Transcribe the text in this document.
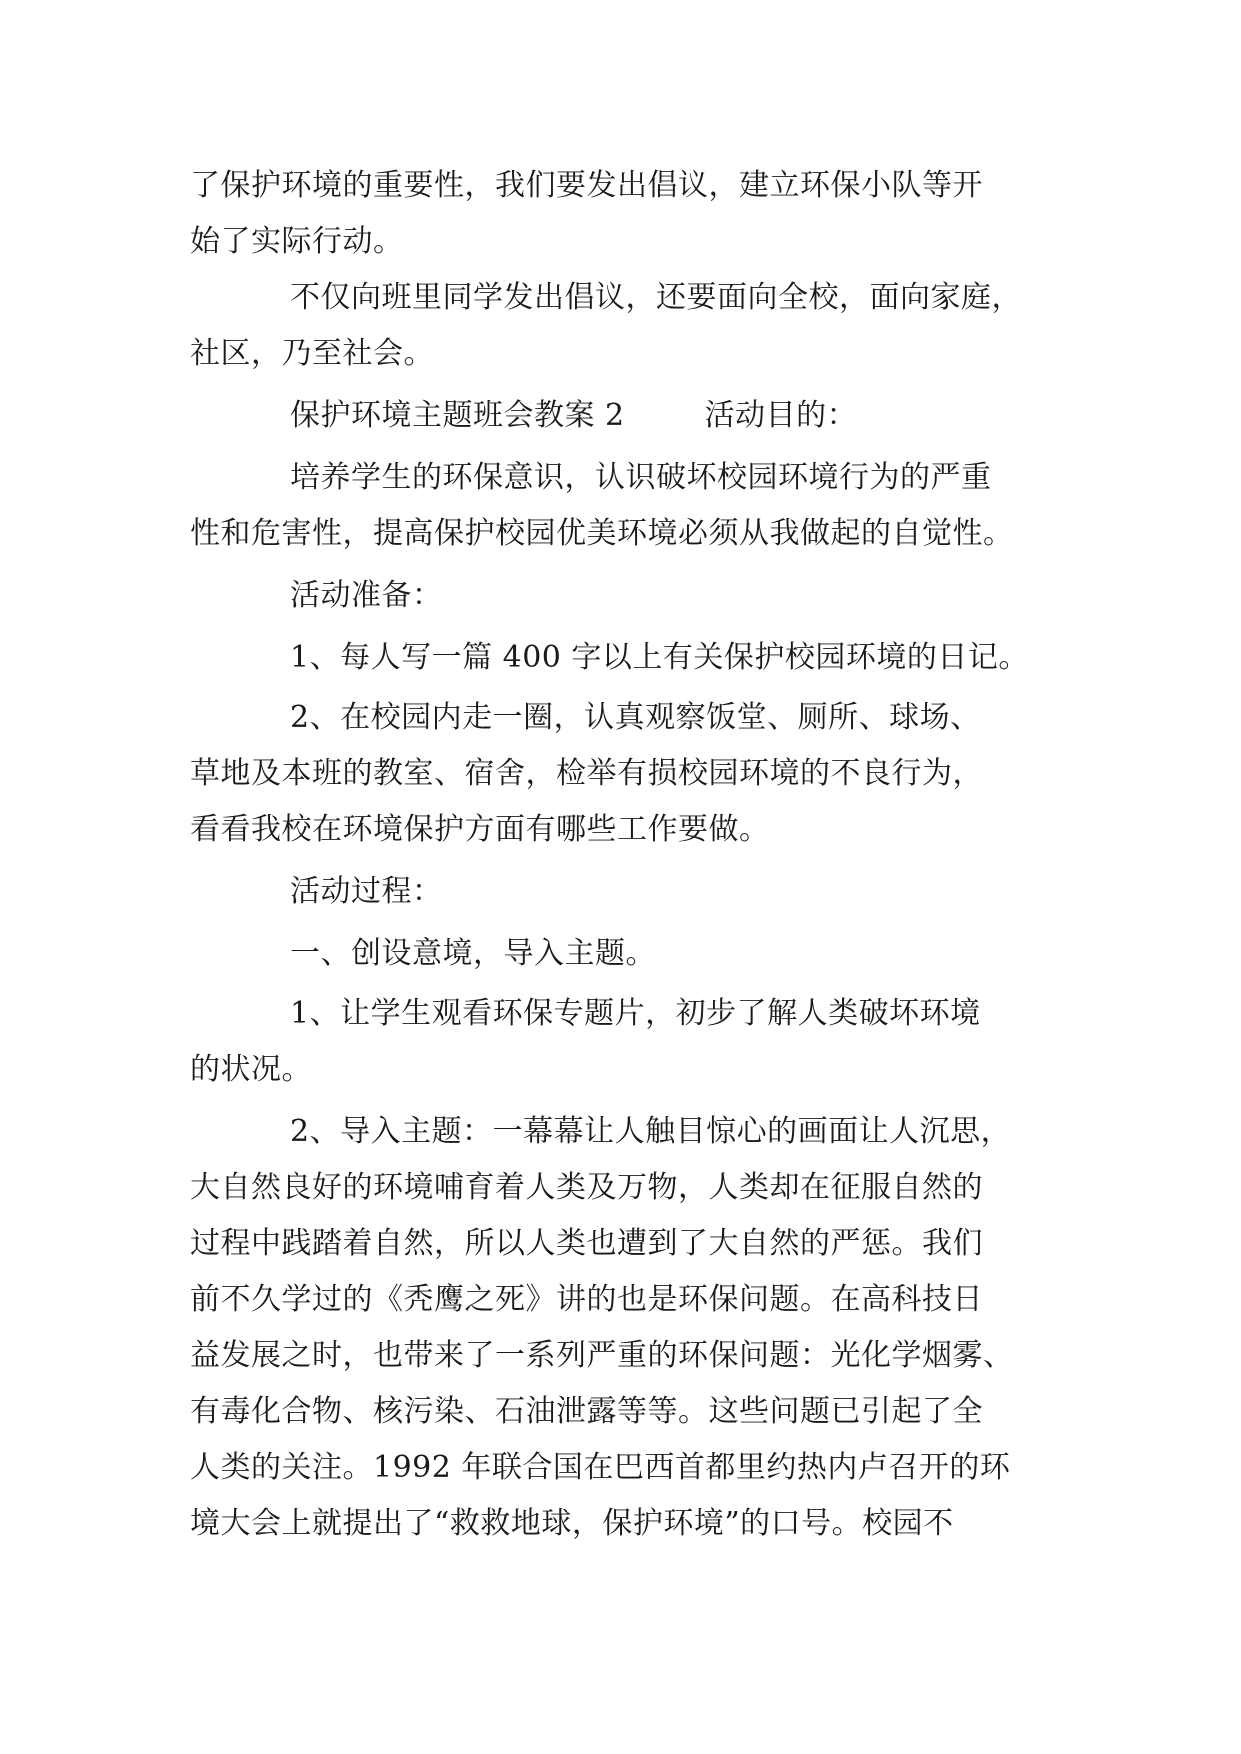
了保护环境的重要性，我们要发出倡议，建立环保小队等开

始了实际行动。

不仅向班里同学发出倡议，还要面向全校，面向家庭，

社区，乃至社会。

保护环境主题班会教案 2	活动目的：

培养学生的环保意识，认识破坏校园环境行为的严重

性和危害性，提高保护校园优美环境必须从我做起的自觉性。

活动准备：

1、每人写一篇 400 字以上有关保护校园环境的日记。

2、在校园内走一圈，认真观察饭堂、厕所、球场、

草地及本班的教室、宿舍，检举有损校园环境的不良行为，

看看我校在环境保护方面有哪些工作要做。

活动过程：

一、创设意境，导入主题。

1、让学生观看环保专题片，初步了解人类破坏环境

的状况。

2、导入主题：一幕幕让人触目惊心的画面让人沉思，

大自然良好的环境哺育着人类及万物，人类却在征服自然的

过程中践踏着自然，所以人类也遭到了大自然的严惩。我们

前不久学过的《秃鹰之死》讲的也是环保问题。在高科技日

益发展之时，也带来了一系列严重的环保问题：光化学烟雾、

有毒化合物、核污染、石油泄露等等。这些问题已引起了全

人类的关注。1992 年联合国在巴西首都里约热内卢召开的环

境大会上就提出了“救救地球，保护环境”的口号。校园不
